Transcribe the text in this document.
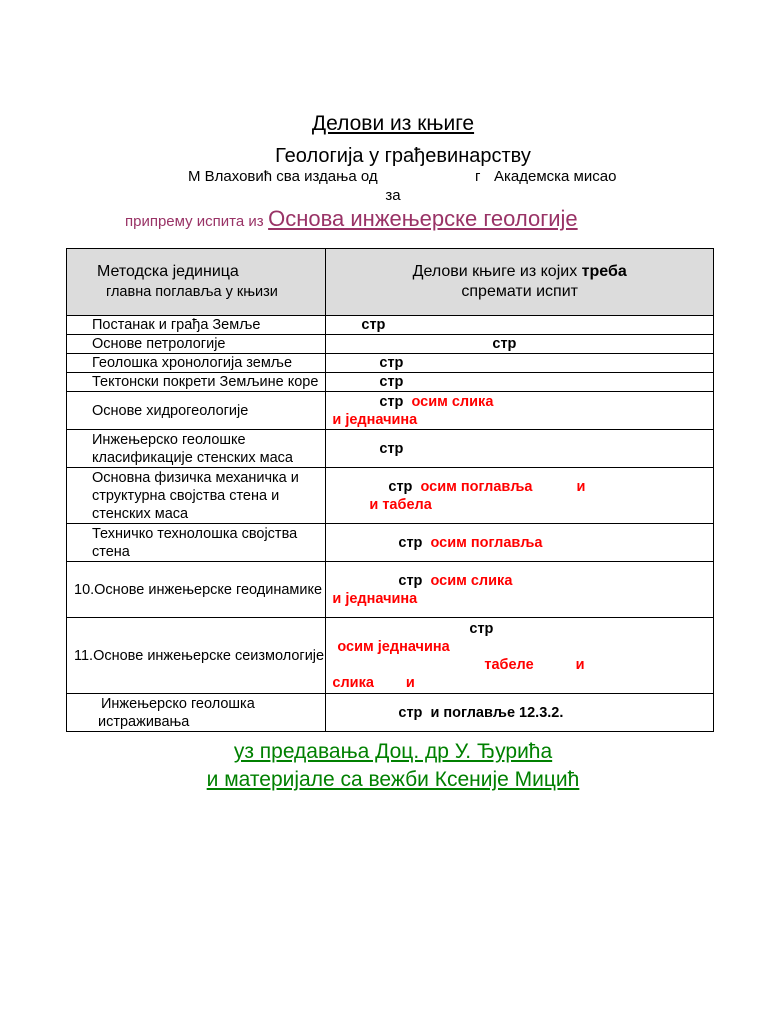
Делови из књиге
Геологија у грађевинарству
М Влаховић сва издања од	г Академска мисао
за
припрему испита из Основа инжењерске геологије
Методска јединица
главна поглавља у књизи	Делови књиге из којих треба
спремати испит

Постанак и грађа Земље	стр
Основе петрологије	стр
Геолошка хронологија земље	стр
Тектонски покрети Земљине коре	стр
Основе хидрогеологије	стр осим слика
и једначина

Инжењерско геолошке
класификације стенских маса	стр

Основна физичка механичка и
структурна својства стена и
стенских маса	стр осим поглавља и
и табела

Техничко технолошка својства
стена	стр осим поглавља
10.Основе инжењерске геодинамике	стр осим слика
и једначина

11.Основе инжењерске сеизмологије	стр
осим једначина
табеле и
слика и

Инжењерско геолошка
истраживања	стр и поглавље 12.3.2.
уз предавања Доц. др У. Ђурића
и материјале са вежби Ксеније Мицић
